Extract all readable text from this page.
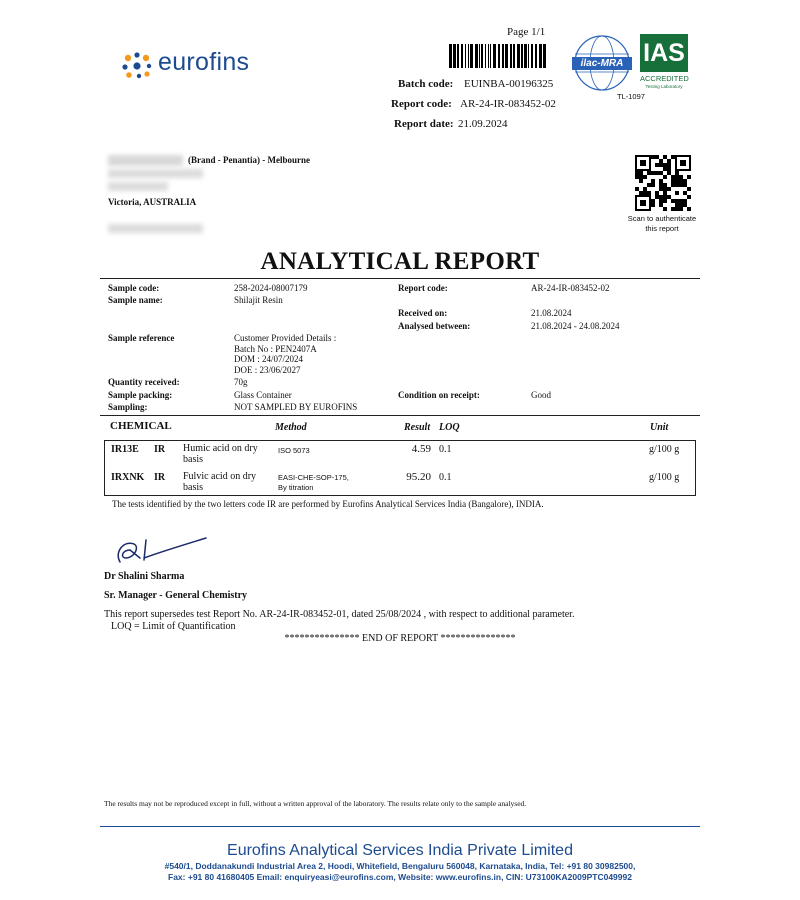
eurofins
Page 1/1
Batch code: EUINBA-00196325
Report code: AR-24-IR-083452-02
Report date: 21.09.2024
ilac-MRA IAS
ACCREDITED
Testing Laboratory
TL-1097
(Brand - Penantia) - Melbourne
Victoria, AUSTRALIA
Scan to authenticate
this report
ANALYTICAL REPORT
Sample code:	258-2024-08007179	Report code:	AR-24-IR-083452-02
Sample name:	Shilajit Resin
Received on:	21.08.2024
Analysed between:	21.08.2024 - 24.08.2024
Sample reference	Customer Provided Details :
Batch No : PEN2407A
DOM : 24/07/2024
DOE : 23/06/2027
Quantity received:	70g
Sample packing:	Glass Container	Condition on receipt:	Good
Sampling:	NOT SAMPLED BY EUROFINS
CHEMICAL	Method	Result LOQ	Unit
IR13E IR Humic acid on dry
basis
ISO 5073	4.59 0.1	g/100 g
IRXNK IR Fulvic acid on dry
basis
EASI-CHE-SOP-175,
By titration
95.20 0.1	g/100 g
The tests identified by the two letters code IR are performed by Eurofins Analytical Services India (Bangalore), INDIA.
Dr Shalini Sharma
Sr. Manager - General Chemistry
This report supersedes test Report No. AR-24-IR-083452-01, dated 25/08/2024 , with respect to additional parameter.
LOQ = Limit of Quantification
*************** END OF REPORT ***************
The results may not be reproduced except in full, without a written approval of the laboratory. The results relate only to the sample analysed.
Eurofins Analytical Services India Private Limited
#540/1, Doddanakundi Industrial Area 2, Hoodi, Whitefield, Bengaluru 560048, Karnataka, India, Tel: +91 80 30982500,
Fax: +91 80 41680405 Email: enquiryeasi@eurofins.com, Website: www.eurofins.in, CIN: U73100KA2009PTC049992
